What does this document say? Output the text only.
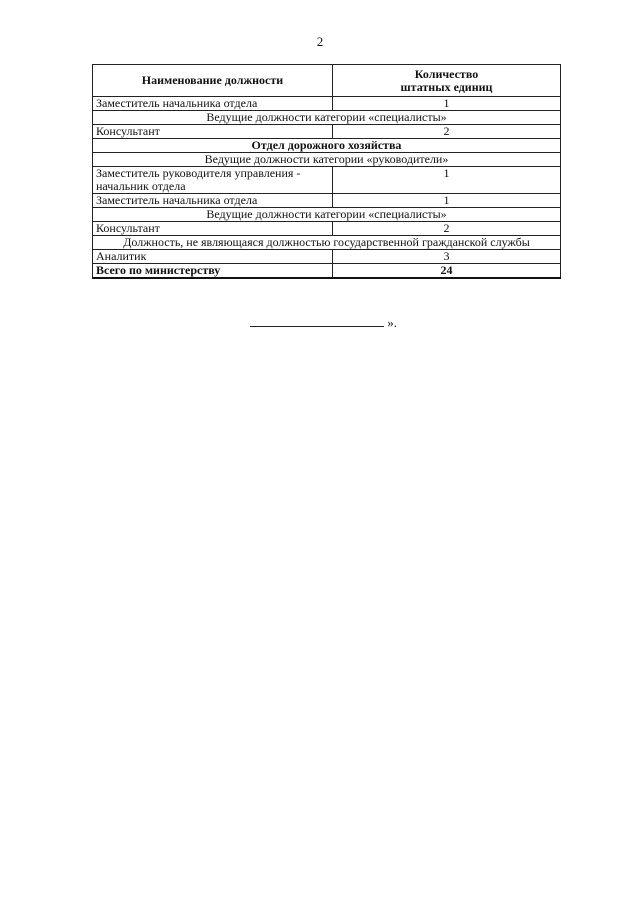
2
Наименование должности	Количество
штатных единиц

Заместитель начальника отдела	1
Ведущие должности категории «специалисты»	
Консультант	2
Отдел дорожного хозяйства	
Ведущие должности категории «руководители»	
Заместитель руководителя управления - начальник отдела	1
Заместитель начальника отдела	1
Ведущие должности категории «специалисты»	
Консультант	2
Должность, не являющаяся должностью государственной гражданской службы	
Аналитик	3
Всего по министерству	24
».
